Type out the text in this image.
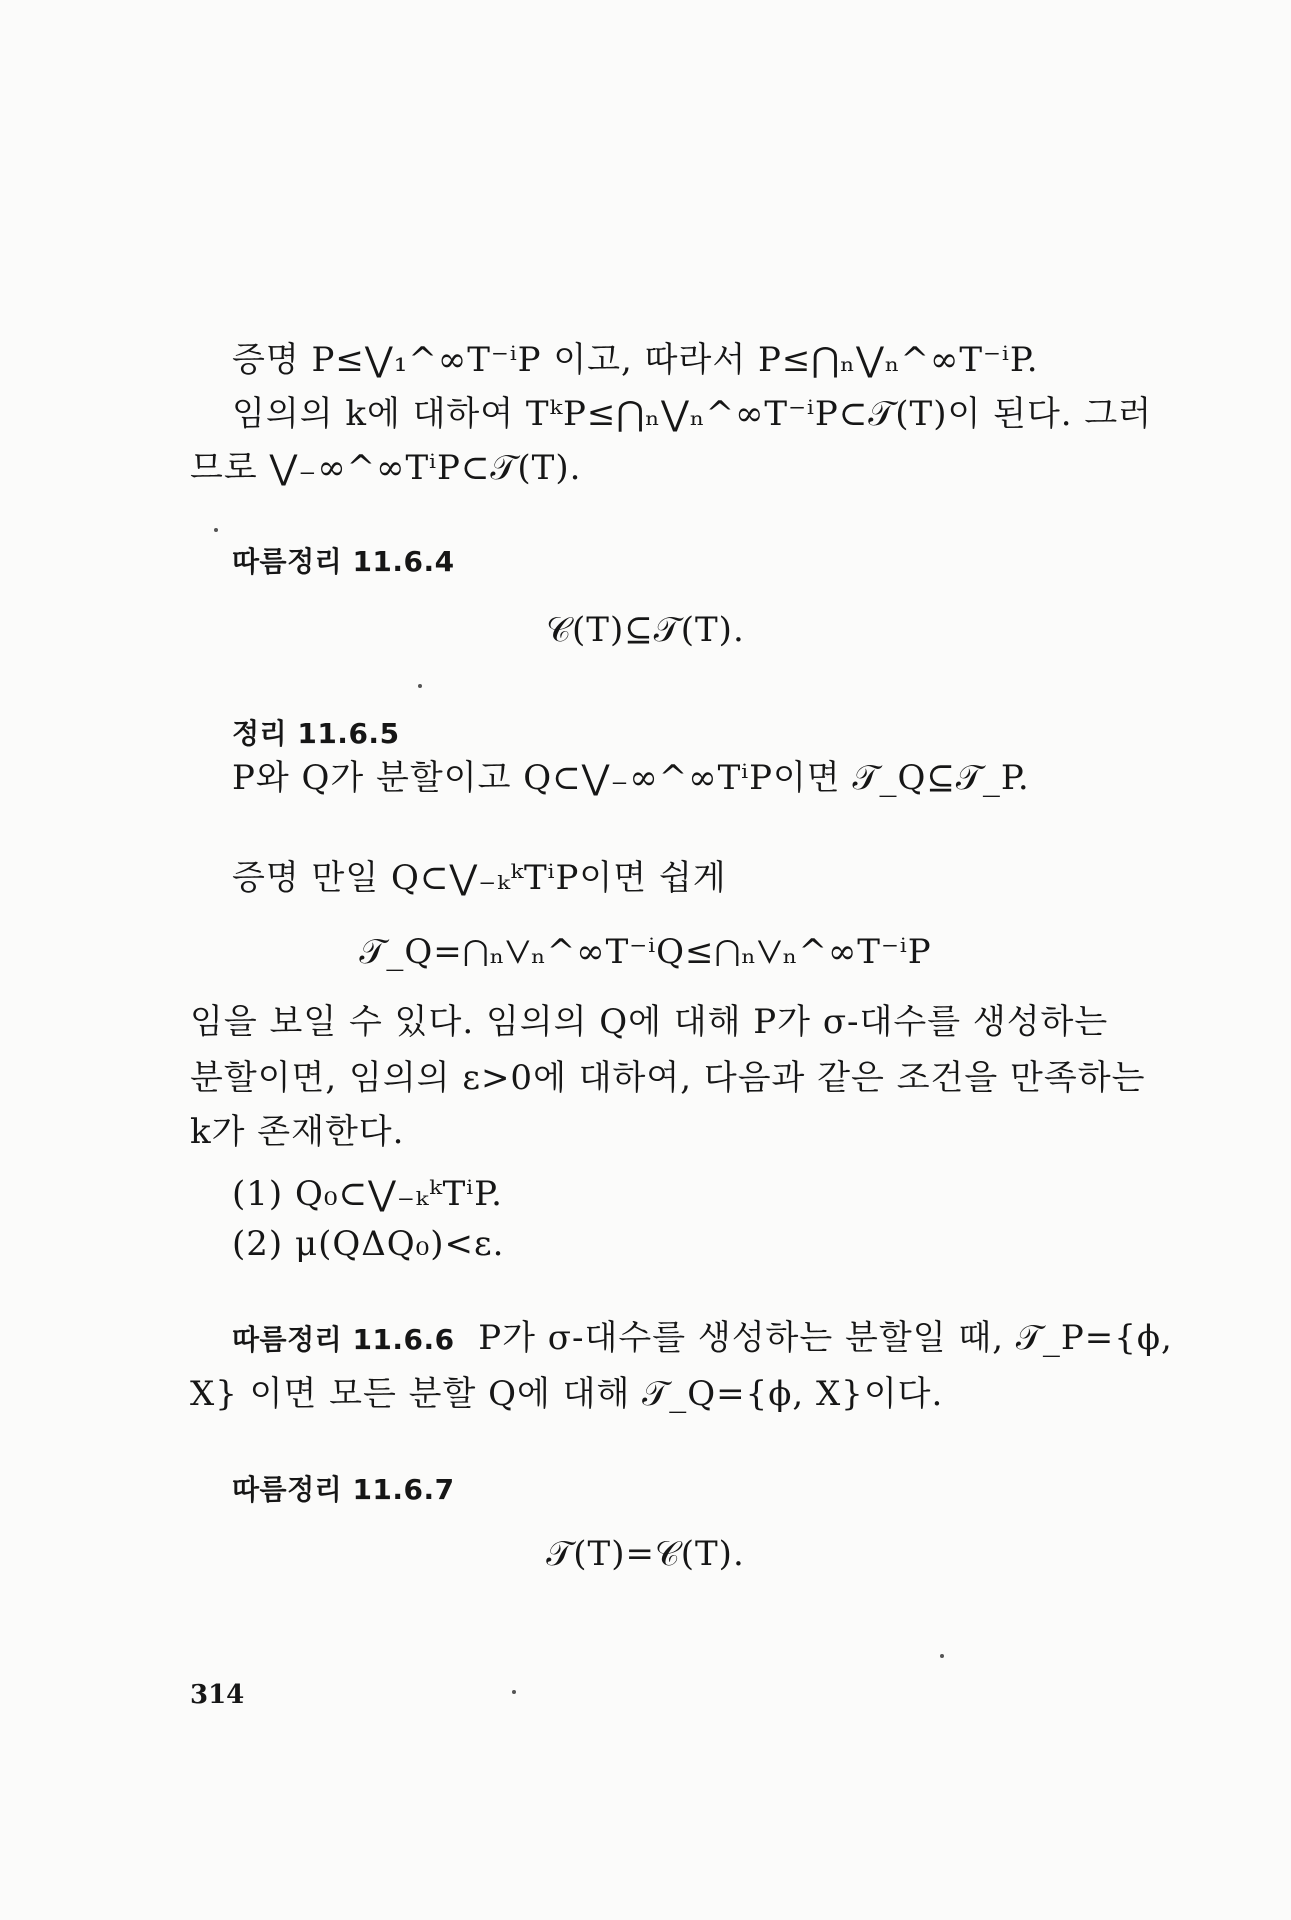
증명 P≤⋁₁^∞T⁻ⁱP 이고, 따라서 P≤⋂ₙ⋁ₙ^∞T⁻ⁱP.
임의의 k에 대하여 TᵏP≤⋂ₙ⋁ₙ^∞T⁻ⁱP⊂𝒯(T)이 된다. 그러
므로 ⋁₋∞^∞TⁱP⊂𝒯(T).
따름정리 11.6.4
𝒞(T)⊆𝒯(T).
정리 11.6.5
P와 Q가 분할이고 Q⊂⋁₋∞^∞TⁱP이면 𝒯_Q⊆𝒯_P.
증명 만일 Q⊂⋁₋ₖᵏTⁱP이면 쉽게
𝒯_Q=⋂ₙ⋁ₙ^∞T⁻ⁱQ≤⋂ₙ⋁ₙ^∞T⁻ⁱP
임을 보일 수 있다. 임의의 Q에 대해 P가 σ-대수를 생성하는
분할이면, 임의의 ε>0에 대하여, 다음과 같은 조건을 만족하는
k가 존재한다.
(1) Q₀⊂⋁₋ₖᵏTⁱP.
(2) μ(QΔQ₀)<ε.
따름정리 11.6.6 P가 σ-대수를 생성하는 분할일 때, 𝒯_P={ϕ,
X} 이면 모든 분할 Q에 대해 𝒯_Q={ϕ, X}이다.
따름정리 11.6.7
𝒯(T)=𝒞(T).
314
